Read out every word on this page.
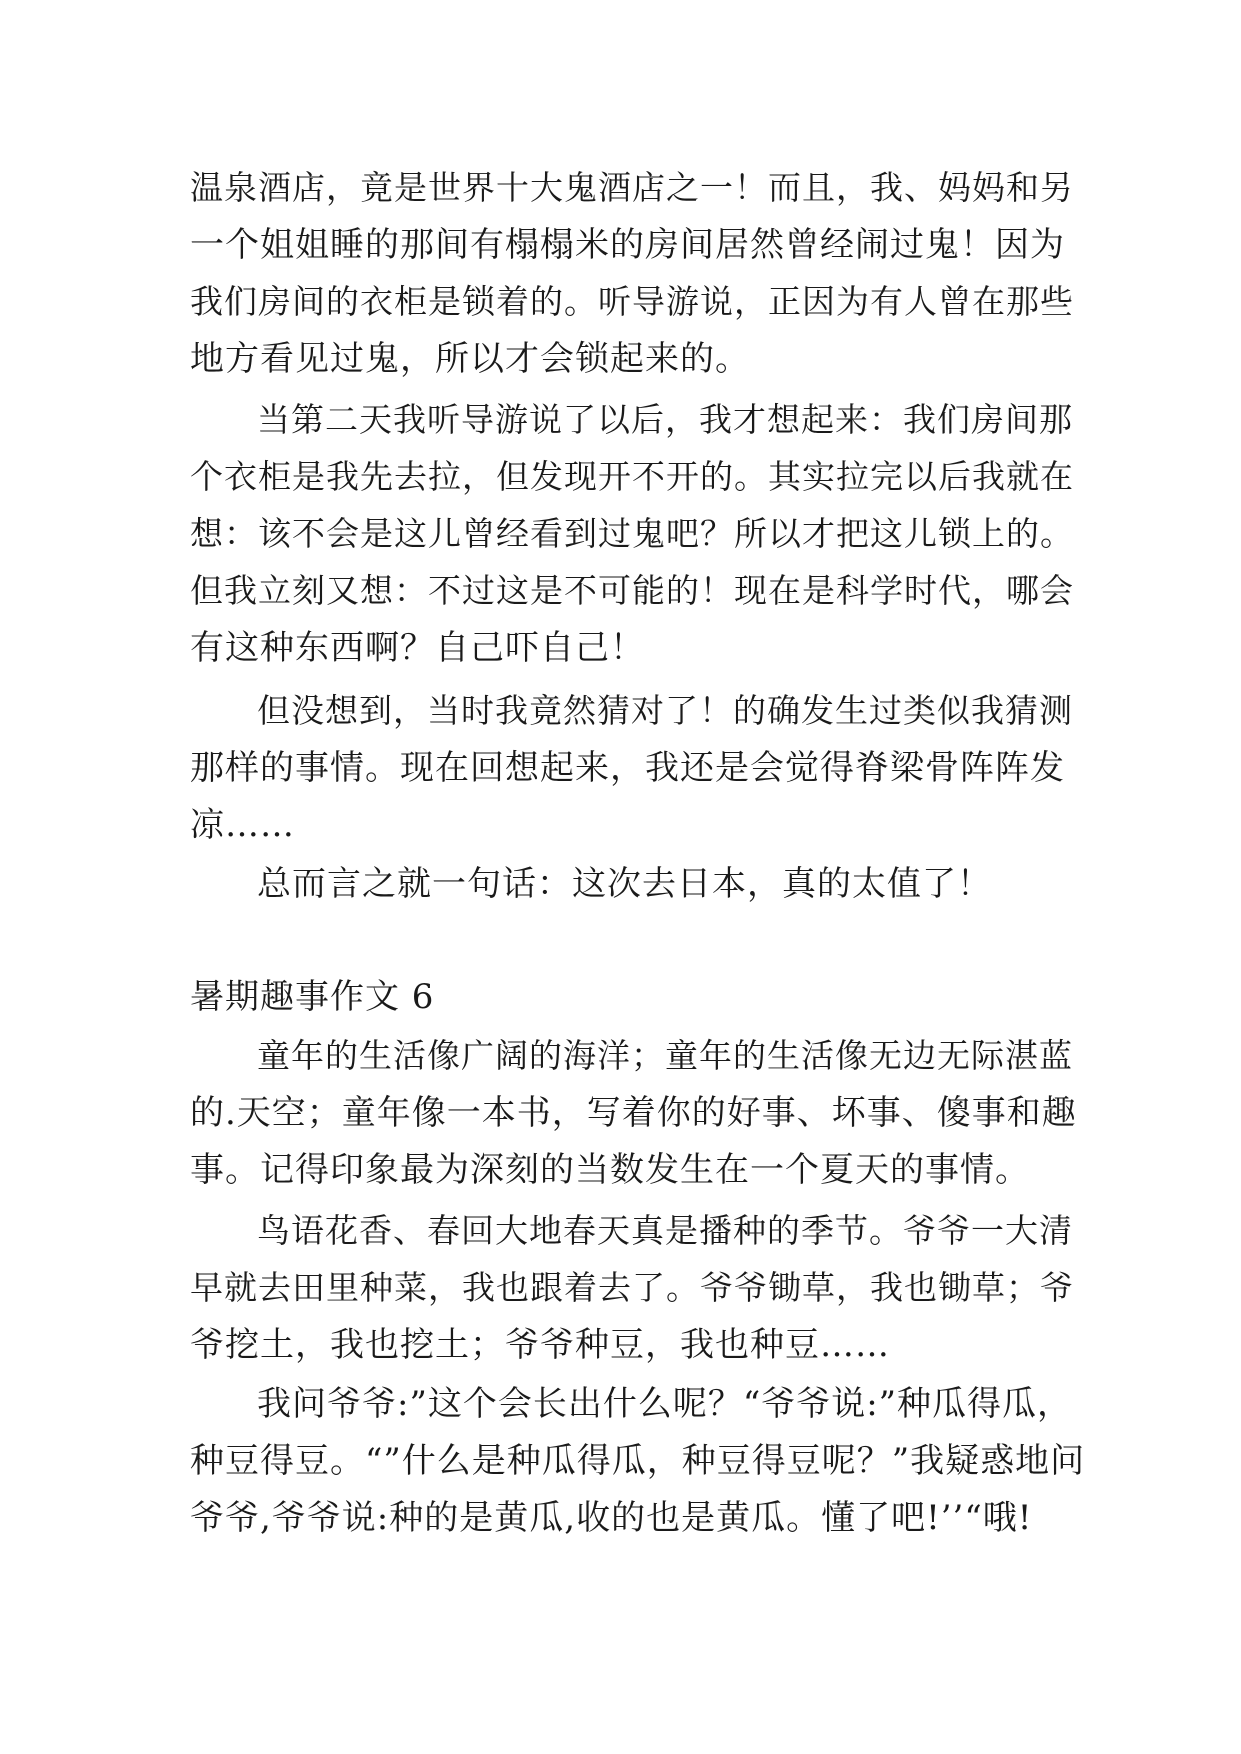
温泉酒店，竟是世界十大鬼酒店之一！而且，我、妈妈和另
一个姐姐睡的那间有榻榻米的房间居然曾经闹过鬼！因为
我们房间的衣柜是锁着的。听导游说，正因为有人曾在那些
地方看见过鬼，所以才会锁起来的。
当第二天我听导游说了以后，我才想起来：我们房间那
个衣柜是我先去拉，但发现开不开的。其实拉完以后我就在
想：该不会是这儿曾经看到过鬼吧？所以才把这儿锁上的。
但我立刻又想：不过这是不可能的！现在是科学时代，哪会
有这种东西啊？自己吓自己！
但没想到，当时我竟然猜对了！的确发生过类似我猜测
那样的事情。现在回想起来，我还是会觉得脊梁骨阵阵发
凉……
总而言之就一句话：这次去日本，真的太值了！
暑期趣事作文 6
童年的生活像广阔的海洋；童年的生活像无边无际湛蓝
的.天空；童年像一本书，写着你的好事、坏事、傻事和趣
事。记得印象最为深刻的当数发生在一个夏天的事情。
鸟语花香、春回大地春天真是播种的季节。爷爷一大清
早就去田里种菜，我也跟着去了。爷爷锄草，我也锄草；爷
爷挖土，我也挖土；爷爷种豆，我也种豆……
我问爷爷:”这个会长出什么呢？“爷爷说:”种瓜得瓜，
种豆得豆。“”什么是种瓜得瓜，种豆得豆呢？”我疑惑地问
爷爷,爷爷说:种的是黄瓜,收的也是黄瓜。懂了吧!’’“哦!
